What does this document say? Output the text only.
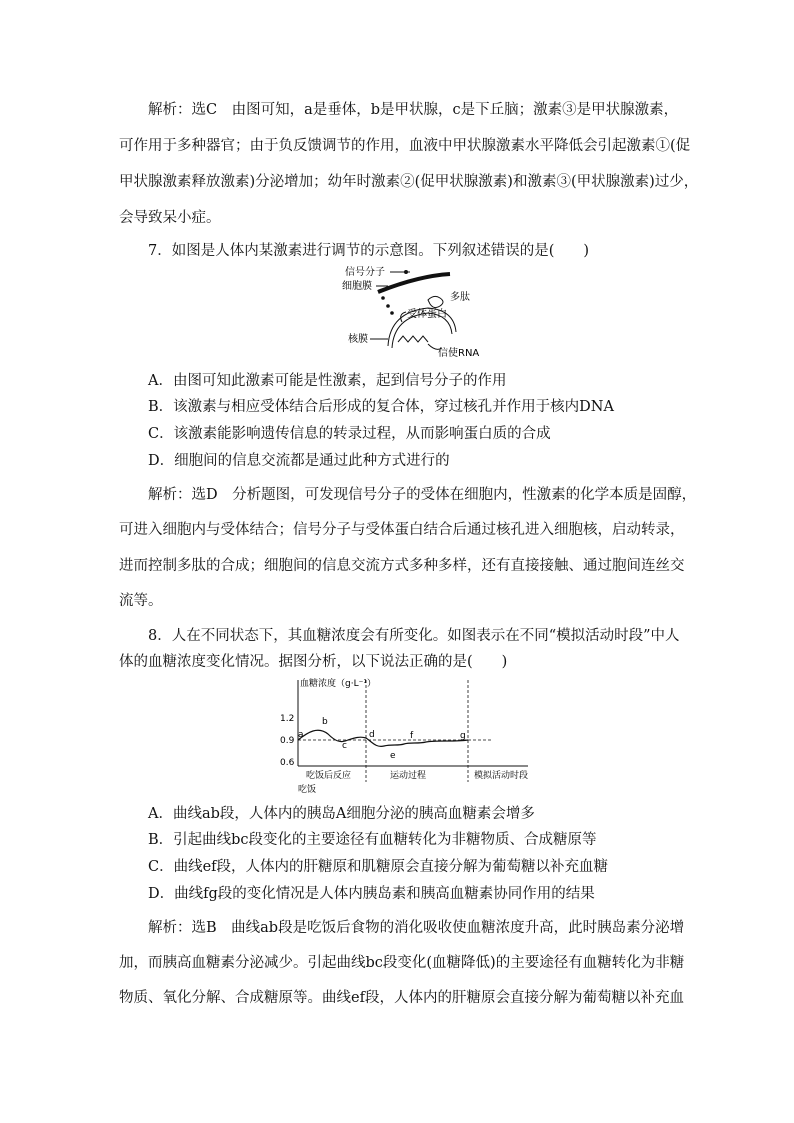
解析：选C　由图可知，a是垂体，b是甲状腺，c是下丘脑；激素③是甲状腺激素，
可作用于多种器官；由于负反馈调节的作用，血液中甲状腺激素水平降低会引起激素①(促
甲状腺激素释放激素)分泌增加；幼年时激素②(促甲状腺激素)和激素③(甲状腺激素)过少，
会导致呆小症。
7．如图是人体内某激素进行调节的示意图。下列叙述错误的是(　　)
信号分子
细胞膜
多肽
受体蛋白
核膜
信使RNA
A．由图可知此激素可能是性激素，起到信号分子的作用
B．该激素与相应受体结合后形成的复合体，穿过核孔并作用于核内DNA
C．该激素能影响遗传信息的转录过程，从而影响蛋白质的合成
D．细胞间的信息交流都是通过此种方式进行的
解析：选D　分析题图，可发现信号分子的受体在细胞内，性激素的化学本质是固醇，
可进入细胞内与受体结合；信号分子与受体蛋白结合后通过核孔进入细胞核，启动转录，
进而控制多肽的合成；细胞间的信息交流方式多种多样，还有直接接触、通过胞间连丝交
流等。
8．人在不同状态下，其血糖浓度会有所变化。如图表示在不同“模拟活动时段”中人
体的血糖浓度变化情况。据图分析，以下说法正确的是(　　)
血糖浓度（g·L⁻¹）
1.2
0.9
0.6
a
b
c
d
e
f	g
吃饭后反应	运动过程	模拟活动时段
吃饭
A．曲线ab段，人体内的胰岛A细胞分泌的胰高血糖素会增多
B．引起曲线bc段变化的主要途径有血糖转化为非糖物质、合成糖原等
C．曲线ef段，人体内的肝糖原和肌糖原会直接分解为葡萄糖以补充血糖
D．曲线fg段的变化情况是人体内胰岛素和胰高血糖素协同作用的结果
解析：选B　曲线ab段是吃饭后食物的消化吸收使血糖浓度升高，此时胰岛素分泌增
加，而胰高血糖素分泌减少。引起曲线bc段变化(血糖降低)的主要途径有血糖转化为非糖
物质、氧化分解、合成糖原等。曲线ef段，人体内的肝糖原会直接分解为葡萄糖以补充血
